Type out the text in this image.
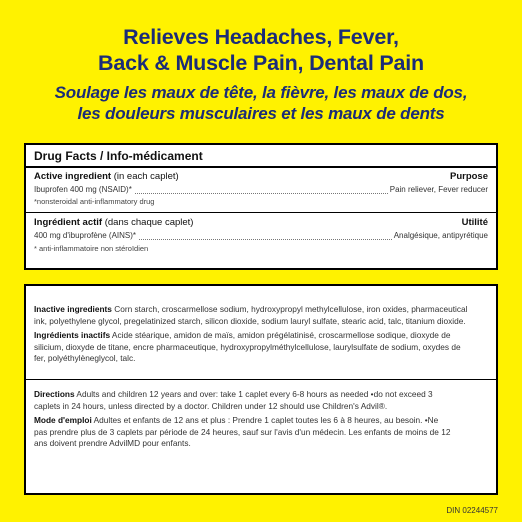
Relieves Headaches, Fever,
Back & Muscle Pain, Dental Pain
Soulage les maux de tête, la fièvre, les maux de dos,
les douleurs musculaires et les maux de dents
Drug Facts / Info-médicament
Active ingredient (in each caplet)	Purpose
Ibuprofen 400 mg (NSAID)*	Pain reliever, Fever reducer
*nonsteroidal anti-inflammatory drug
Ingrédient actif (dans chaque caplet)	Utilité
400 mg d'ibuprofène (AINS)*	Analgésique, antipyrétique
* anti-inflammatoire non stéroïdien
Inactive ingredients Corn starch, croscarmellose sodium, hydroxypropyl methylcellulose, iron oxides, pharmaceutical
ink, polyethylene glycol, pregelatinized starch, silicon dioxide, sodium lauryl sulfate, stearic acid, talc, titanium dioxide.
Ingrédients inactifs Acide stéarique, amidon de maïs, amidon prégélatinisé, croscarmellose sodique, dioxyde de
silicium, dioxyde de titane, encre pharmaceutique, hydroxypropylméthylcellulose, laurylsulfate de sodium, oxydes de
fer, polyéthylèneglycol, talc.
Directions Adults and children 12 years and over: take 1 caplet every 6-8 hours as needed •do not exceed 3
caplets in 24 hours, unless directed by a doctor. Children under 12 should use Children's Advil®.
Mode d'emploi Adultes et enfants de 12 ans et plus : Prendre 1 caplet toutes les 6 à 8 heures, au besoin. •Ne
pas prendre plus de 3 caplets par période de 24 heures, sauf sur l'avis d'un médecin. Les enfants de moins de 12
ans doivent prendre AdvilMD pour enfants.
DIN 02244577
